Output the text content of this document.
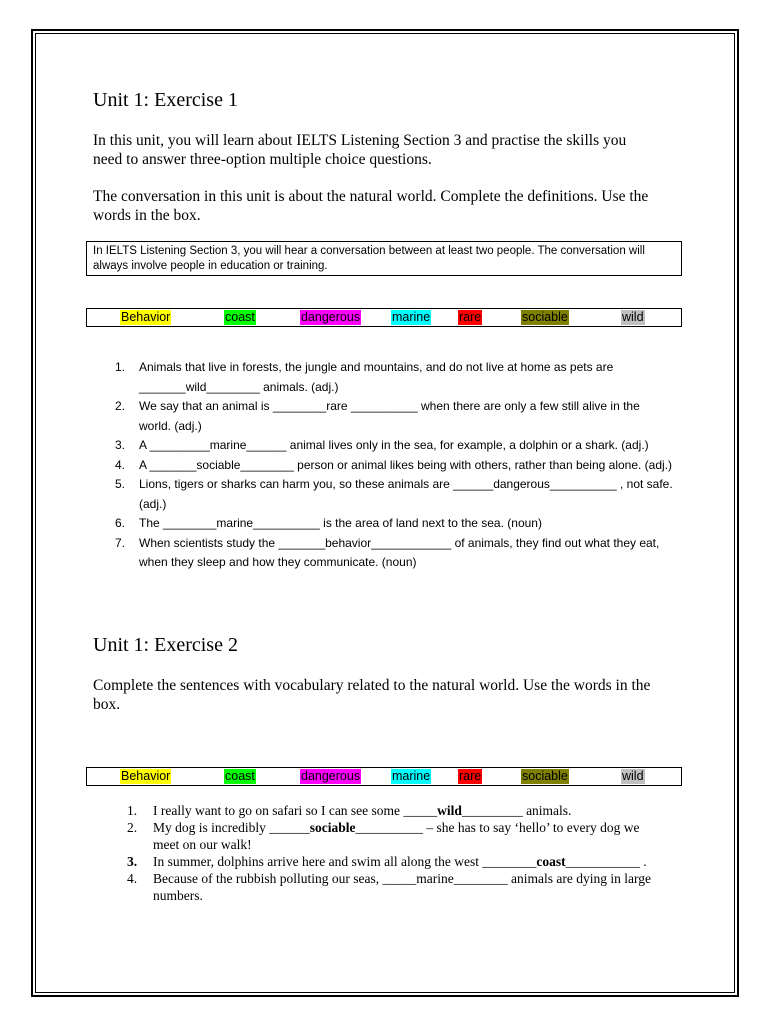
Unit 1: Exercise 1

In this unit, you will learn about IELTS Listening Section 3 and practise the skills you need to answer three-option multiple choice questions.

The conversation in this unit is about the natural world. Complete the definitions. Use the words in the box.

In IELTS Listening Section 3, you will hear a conversation between at least two people. The conversation will always involve people in education or training.
Behavior	coast	dangerous	marine rare	sociable	wild
1. Animals that live in forests, the jungle and mountains, and do not live at home as pets are _______wild________ animals. (adj.)
2. We say that an animal is ________rare __________ when there are only a few still alive in the world. (adj.)
3. A _________marine______ animal lives only in the sea, for example, a dolphin or a shark. (adj.)
4. A _______sociable________ person or animal likes being with others, rather than being alone. (adj.)
5. Lions, tigers or sharks can harm you, so these animals are ______dangerous__________ , not safe. (adj.)
6. The ________marine__________ is the area of land next to the sea. (noun)
7. When scientists study the _______behavior____________ of animals, they find out what they eat, when they sleep and how they communicate. (noun)
Unit 1: Exercise 2

Complete the sentences with vocabulary related to the natural world. Use the words in the box.

Behavior	coast	dangerous	marine rare	sociable	wild
1. I really want to go on safari so I can see some _____wild_________ animals.
2. My dog is incredibly ______sociable__________ – she has to say ‘hello’ to every dog we meet on our walk!
3. In summer, dolphins arrive here and swim all along the west ________coast___________ .
4. Because of the rubbish polluting our seas, _____marine________ animals are dying in large numbers.
